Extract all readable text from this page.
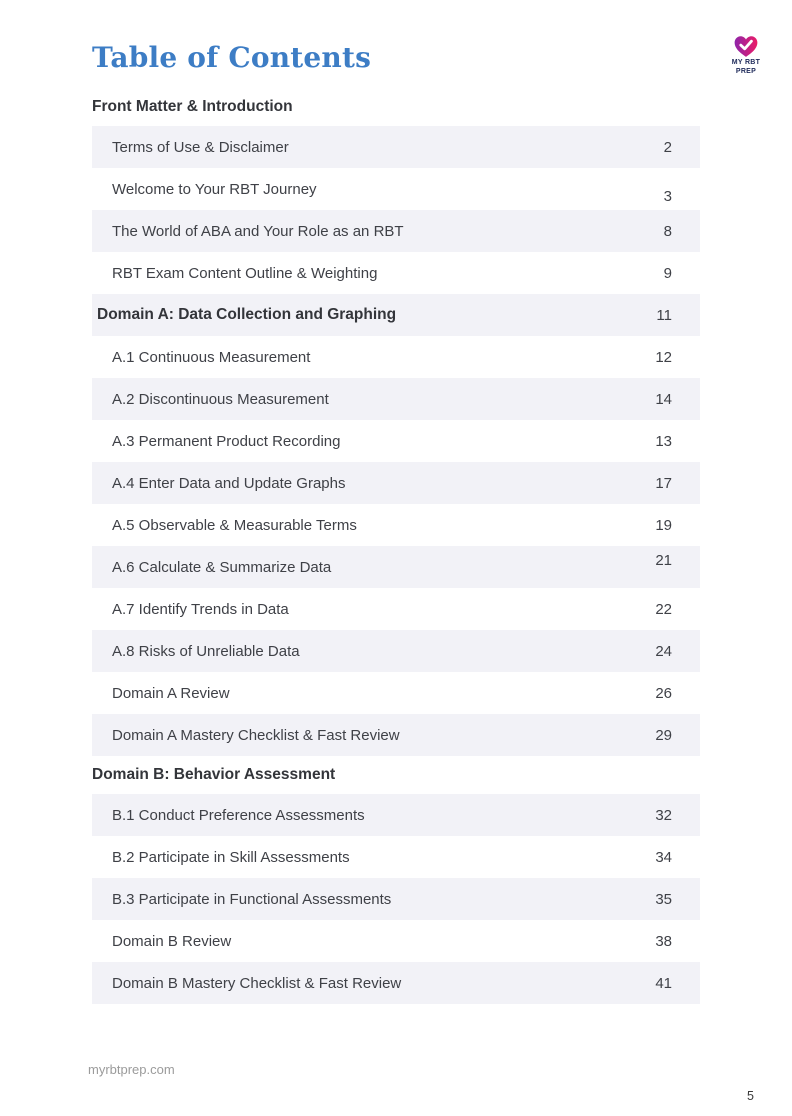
MY RBT
PREP
Table of Contents
Front Matter & Introduction
Terms of Use & Disclaimer	2
Welcome to Your RBT Journey	3
The World of ABA and Your Role as an RBT	8
RBT Exam Content Outline & Weighting	9
Domain A: Data Collection and Graphing	11
A.1 Continuous Measurement	12
A.2 Discontinuous Measurement	14
A.3 Permanent Product Recording	13
A.4 Enter Data and Update Graphs	17
A.5 Observable & Measurable Terms	19
A.6 Calculate & Summarize Data	21
A.7 Identify Trends in Data	22
A.8 Risks of Unreliable Data	24
Domain A Review	26
Domain A Mastery Checklist & Fast Review	29
Domain B: Behavior Assessment
B.1 Conduct Preference Assessments	32
B.2 Participate in Skill Assessments	34
B.3 Participate in Functional Assessments	35
Domain B Review	38
Domain B Mastery Checklist & Fast Review	41
myrbtprep.com
5
